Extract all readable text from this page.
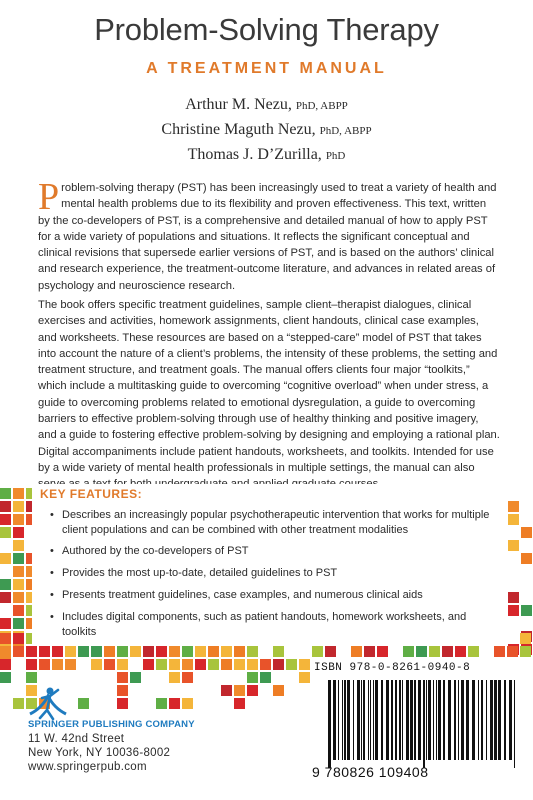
Problem-Solving Therapy
A TREATMENT MANUAL
Arthur M. Nezu, PhD, ABPP
Christine Maguth Nezu, PhD, ABPP
Thomas J. D’Zurilla, PhD
Problem-solving therapy (PST) has been increasingly used to treat a variety of health and mental health problems due to its flexibility and proven effectiveness. This text, written by the co-developers of PST, is a comprehensive and detailed manual of how to apply PST for a wide variety of populations and situations. It reflects the significant conceptual and clinical revisions that supersede earlier versions of PST, and is based on the authors’ clinical and research experience, the treatment-outcome literature, and advances in related areas of psychology and neuroscience research.
The book offers specific treatment guidelines, sample client–therapist dialogues, clinical exercises and activities, homework assignments, client handouts, clinical case examples, and worksheets. These resources are based on a “stepped-care” model of PST that takes into account the nature of a client’s problems, the intensity of these problems, the setting and treatment structure, and treatment goals. The manual offers clients four major “toolkits,” which include a multitasking guide to overcoming “cognitive overload” when under stress, a guide to overcoming problems related to emotional dysregulation, a guide to overcoming barriers to effective problem-solving through use of healthy thinking and positive imagery, and a guide to fostering effective problem-solving by designing and employing a rational plan. Digital accompaniments include patient handouts, worksheets, and toolkits. Intended for use by a wide variety of mental health professionals in multiple settings, the manual can also
KEY FEATURES:
• Describes an increasingly popular psychotherapeutic intervention that works for multiple client populations and can be combined with other treatment modalities
• Authored by the co-developers of PST
• Provides the most up-to-date, detailed guidelines to PST
• Presents treatment guidelines, case examples, and numerous clinical aids
• Includes digital components, such as patient handouts, homework worksheets, and toolkits
SPRINGER PUBLISHING COMPANY
11 W. 42nd Street
New York, NY 10036-8002
www.springerpub.com
ISBN 978-0-8261-0940-8
9 780826 109408
